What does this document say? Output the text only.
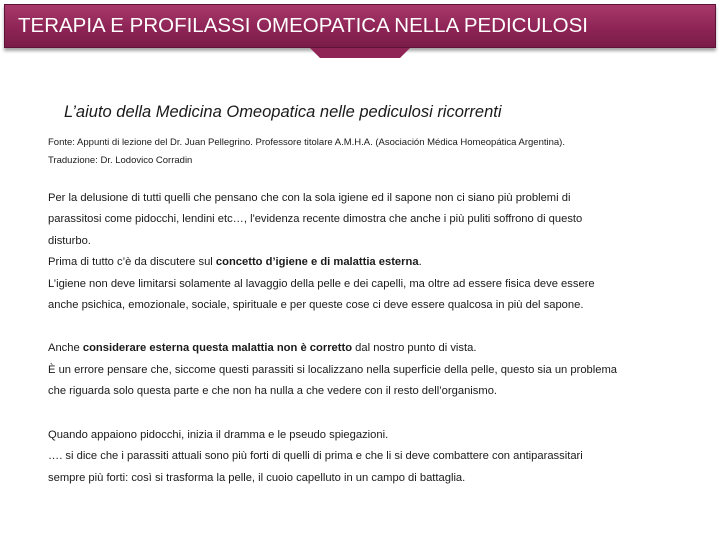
TERAPIA E PROFILASSI OMEOPATICA NELLA PEDICULOSI
L’aiuto della Medicina Omeopatica nelle pediculosi ricorrenti
Fonte: Appunti di lezione del Dr. Juan Pellegrino. Professore titolare A.M.H.A. (Asociación Médica Homeopática Argentina).
Traduzione: Dr. Lodovico Corradin
Per la delusione di tutti quelli che pensano che con la sola igiene ed il sapone non ci siano più problemi di
parassitosi come pidocchi, lendini etc…, l'evidenza recente dimostra che anche i più puliti soffrono di questo
disturbo.
Prima di tutto c’è da discutere sul concetto d’igiene e di malattia esterna.
L’igiene non deve limitarsi solamente al lavaggio della pelle e dei capelli, ma oltre ad essere fisica deve essere
anche psichica, emozionale, sociale, spirituale e per queste cose ci deve essere qualcosa in più del sapone.
Anche considerare esterna questa malattia non è corretto dal nostro punto di vista.
È un errore pensare che, siccome questi parassiti si localizzano nella superficie della pelle, questo sia un problema
che riguarda solo questa parte e che non ha nulla a che vedere con il resto dell’organismo.
Quando appaiono pidocchi, inizia il dramma e le pseudo spiegazioni.
…. si dice che i parassiti attuali sono più forti di quelli di prima e che li si deve combattere con antiparassitari
sempre più forti: così si trasforma la pelle, il cuoio capelluto in un campo di battaglia.
